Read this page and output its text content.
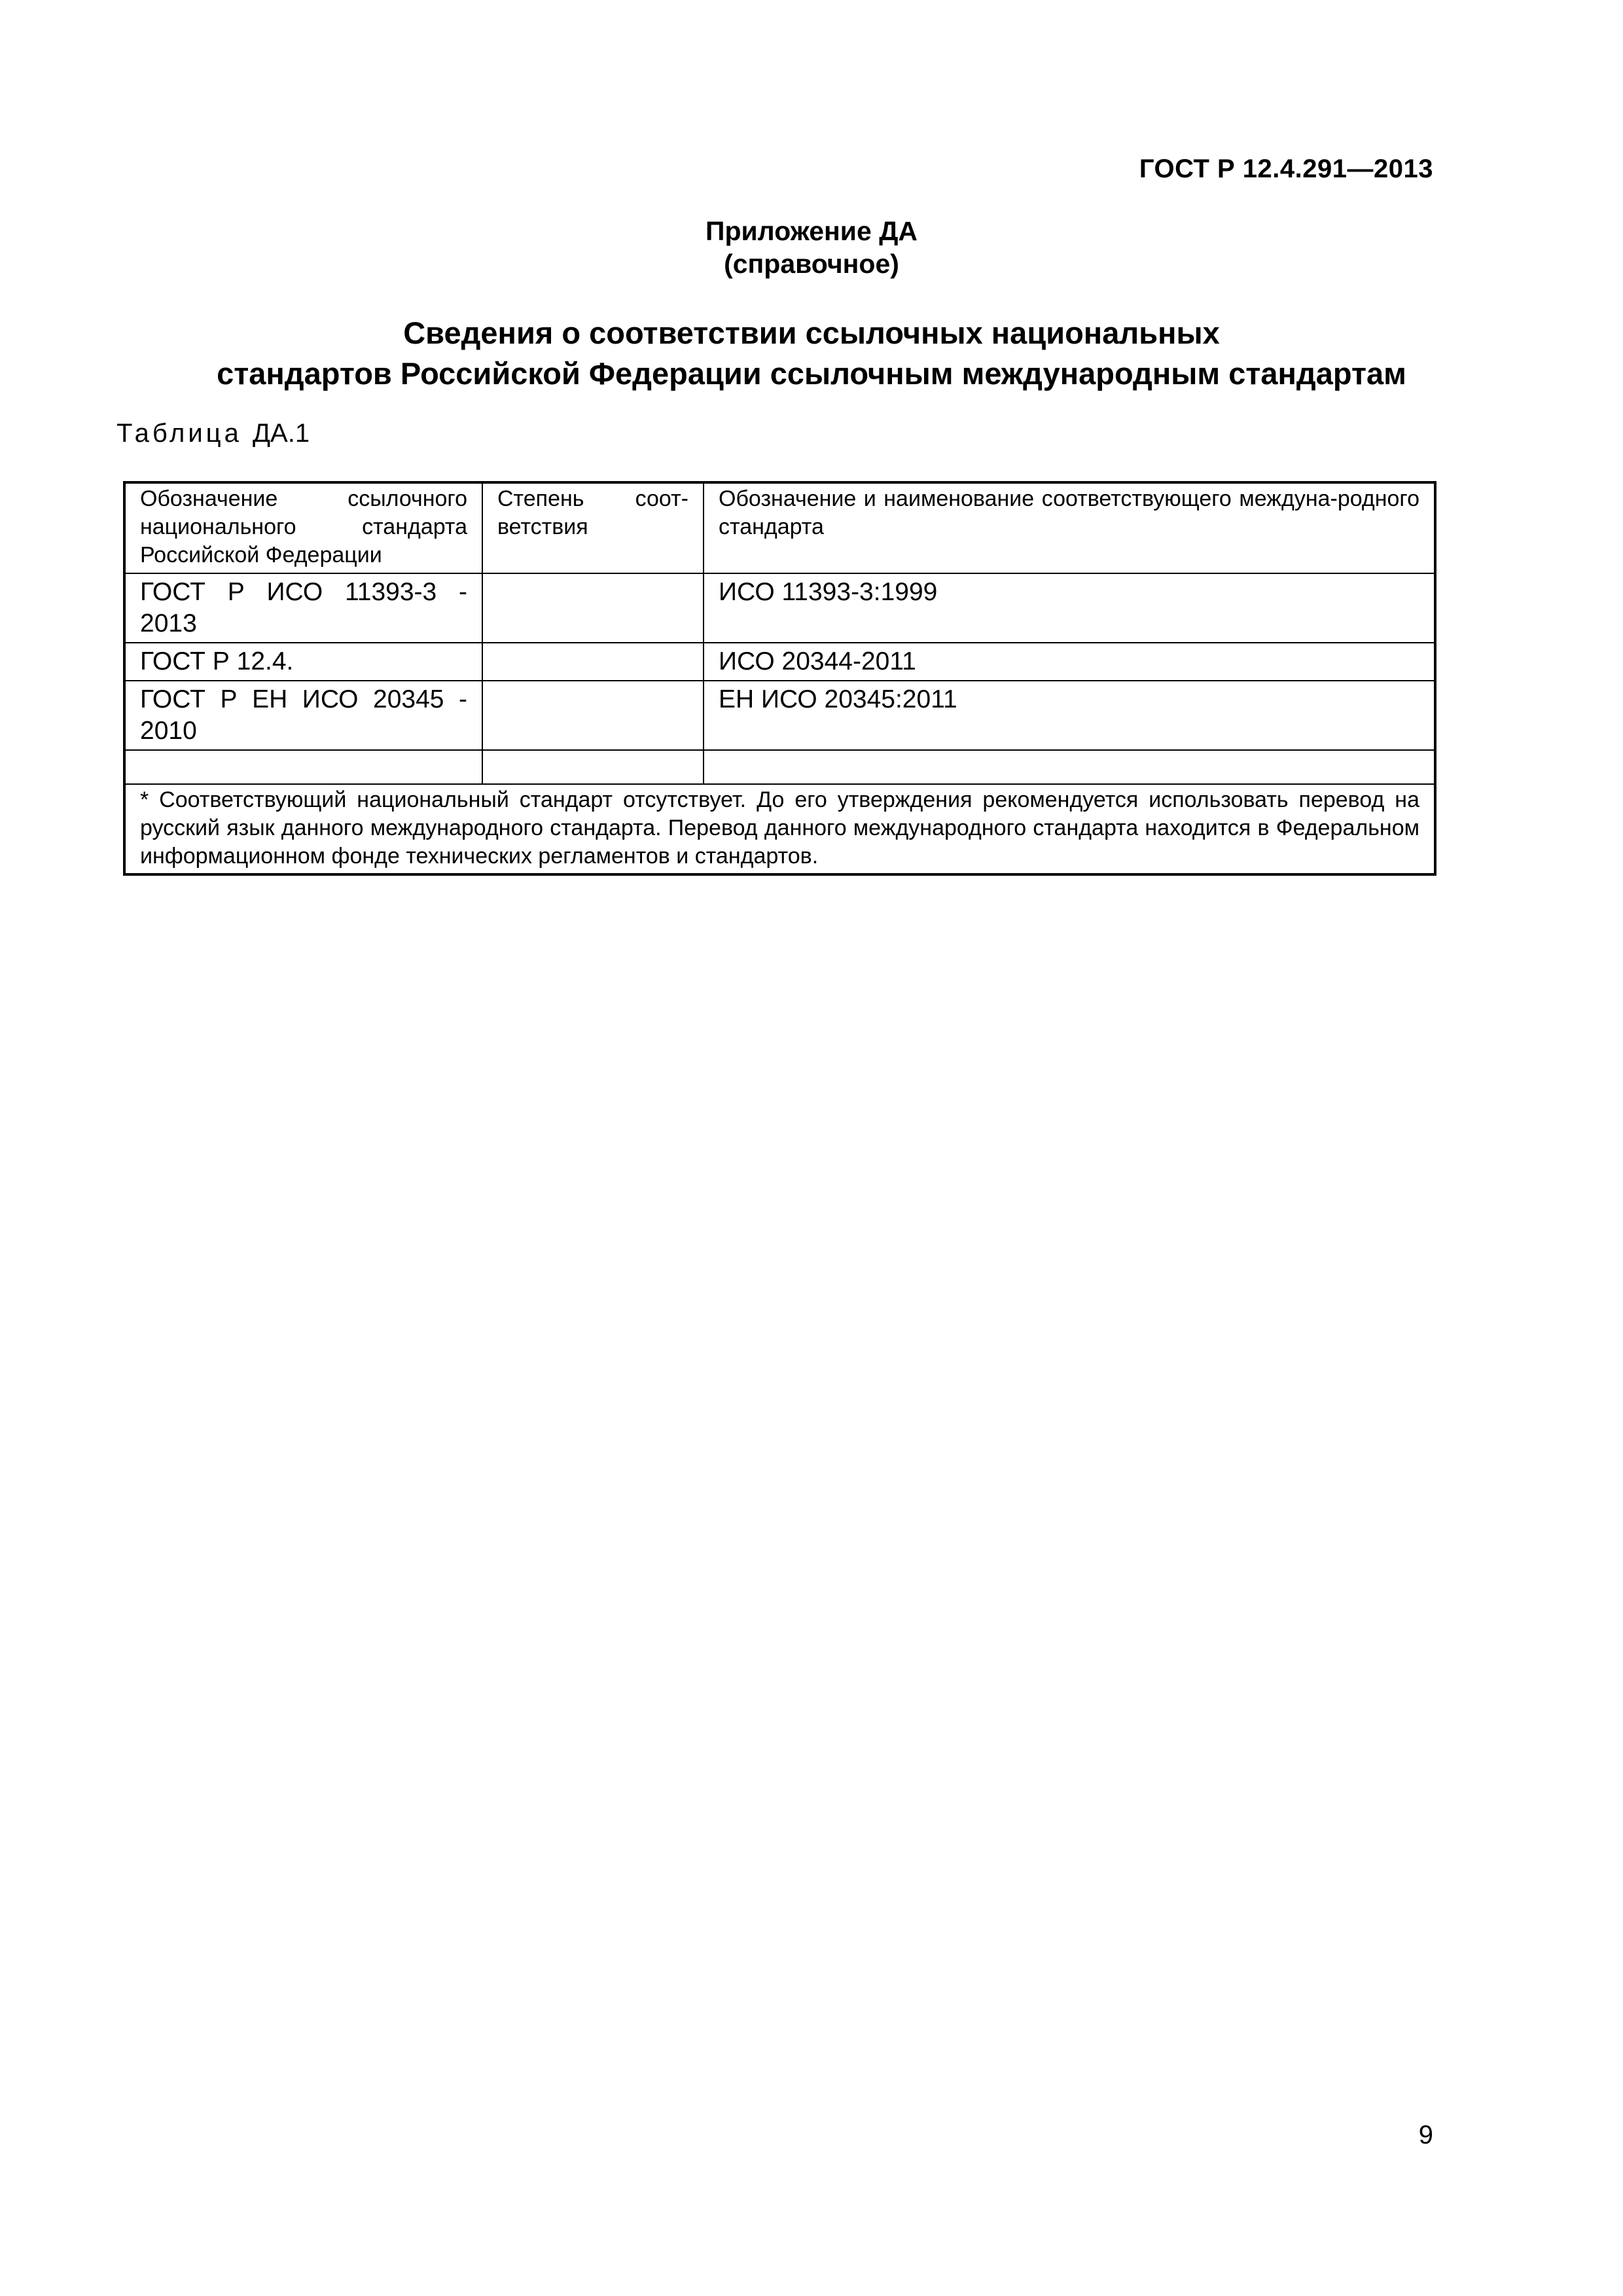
ГОСТ Р 12.4.291—2013
Приложение ДА
(справочное)
Сведения о соответствии ссылочных национальных
стандартов Российской Федерации ссылочным международным стандартам
Таблица ДА.1
Обозначение ссылочного национального стандарта Российской Федерации	Степень соот-ветствия	Обозначение и наименование соответствующего междуна-родного стандарта
ГОСТ Р ИСО 11393-3 - 2013		ИСО 11393-3:1999
ГОСТ Р 12.4.		ИСО 20344-2011
ГОСТ Р ЕН ИСО 20345 - 2010		ЕН ИСО 20345:2011

* Соответствующий национальный стандарт отсутствует. До его утверждения рекомендуется использовать перевод на русский язык данного международного стандарта. Перевод данного международного стандарта находится в Федеральном информационном фонде технических регламентов и стандартов.		
9
